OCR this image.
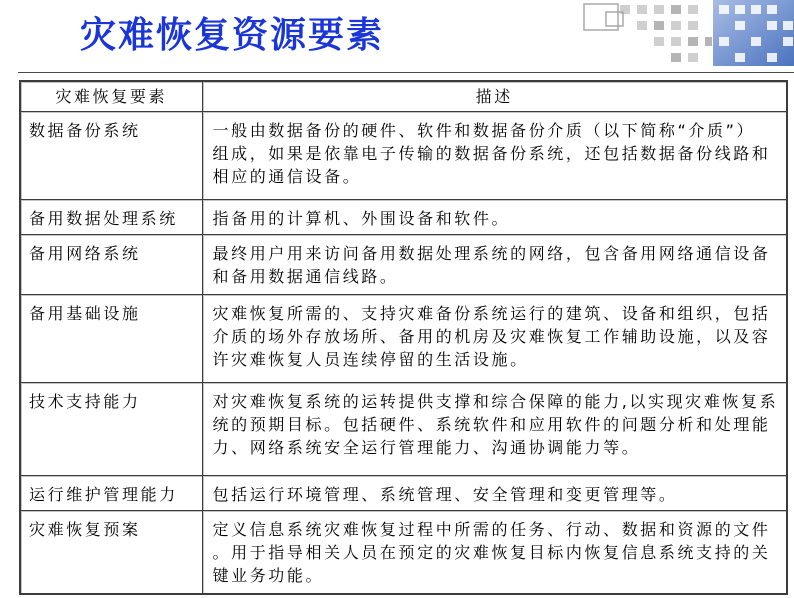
灾难恢复资源要素
灾难恢复要素	描述

数据备份系统	一般由数据备份的硬件、软件和数据备份介质（以下简称“介质”）
组成，如果是依靠电子传输的数据备份系统，还包括数据备份线路和
相应的通信设备。

备用数据处理系统	指备用的计算机、外围设备和软件。

备用网络系统	最终用户用来访问备用数据处理系统的网络，包含备用网络通信设备
和备用数据通信线路。

备用基础设施	灾难恢复所需的、支持灾难备份系统运行的建筑、设备和组织，包括
介质的场外存放场所、备用的机房及灾难恢复工作辅助设施，以及容
许灾难恢复人员连续停留的生活设施。

技术支持能力	对灾难恢复系统的运转提供支撑和综合保障的能力,以实现灾难恢复系
统的预期目标。包括硬件、系统软件和应用软件的问题分析和处理能
力、网络系统安全运行管理能力、沟通协调能力等。

运行维护管理能力	包括运行环境管理、系统管理、安全管理和变更管理等。

灾难恢复预案	定义信息系统灾难恢复过程中所需的任务、行动、数据和资源的文件
。用于指导相关人员在预定的灾难恢复目标内恢复信息系统支持的关
键业务功能。
